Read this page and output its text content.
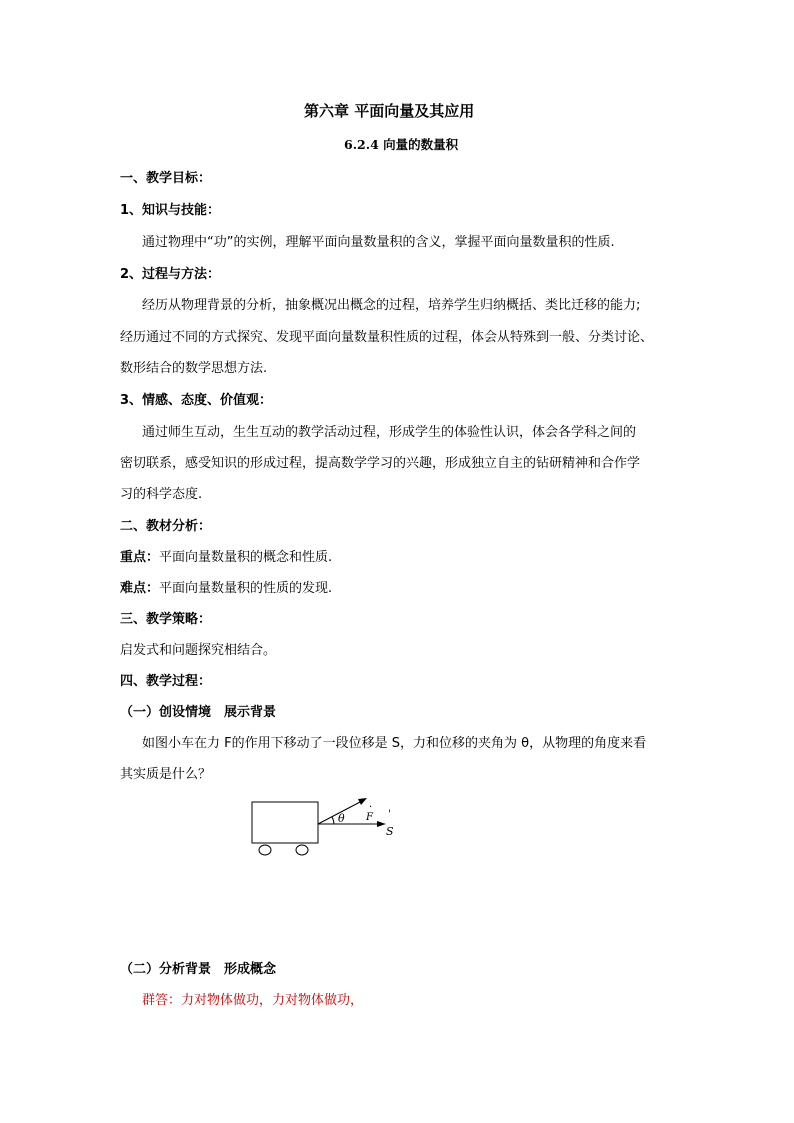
第六章 平面向量及其应用
6.2.4 向量的数量积
一、教学目标：
1、知识与技能：
通过物理中“功”的实例，理解平面向量数量积的含义，掌握平面向量数量积的性质.
2、过程与方法：
经历从物理背景的分析，抽象概况出概念的过程，培养学生归纳概括、类比迁移的能力;
经历通过不同的方式探究、发现平面向量数量积性质的过程，体会从特殊到一般、分类讨论、
数形结合的数学思想方法.
3、情感、态度、价值观：
通过师生互动，生生互动的教学活动过程，形成学生的体验性认识，体会各学科之间的
密切联系，感受知识的形成过程，提高数学学习的兴趣，形成独立自主的钻研精神和合作学
习的科学态度.
二、教材分析：
重点：平面向量数量积的概念和性质.
难点：平面向量数量积的性质的发现.
三、教学策略：
启发式和问题探究相结合。
四、教学过程：
（一）创设情境　展示背景
如图小车在力 F的作用下移动了一段位移是 S，力和位移的夹角为 θ，从物理的角度来看
其实质是什么？
θ F
·
S
'
（二）分析背景　形成概念
群答：力对物体做功，力对物体做功，
